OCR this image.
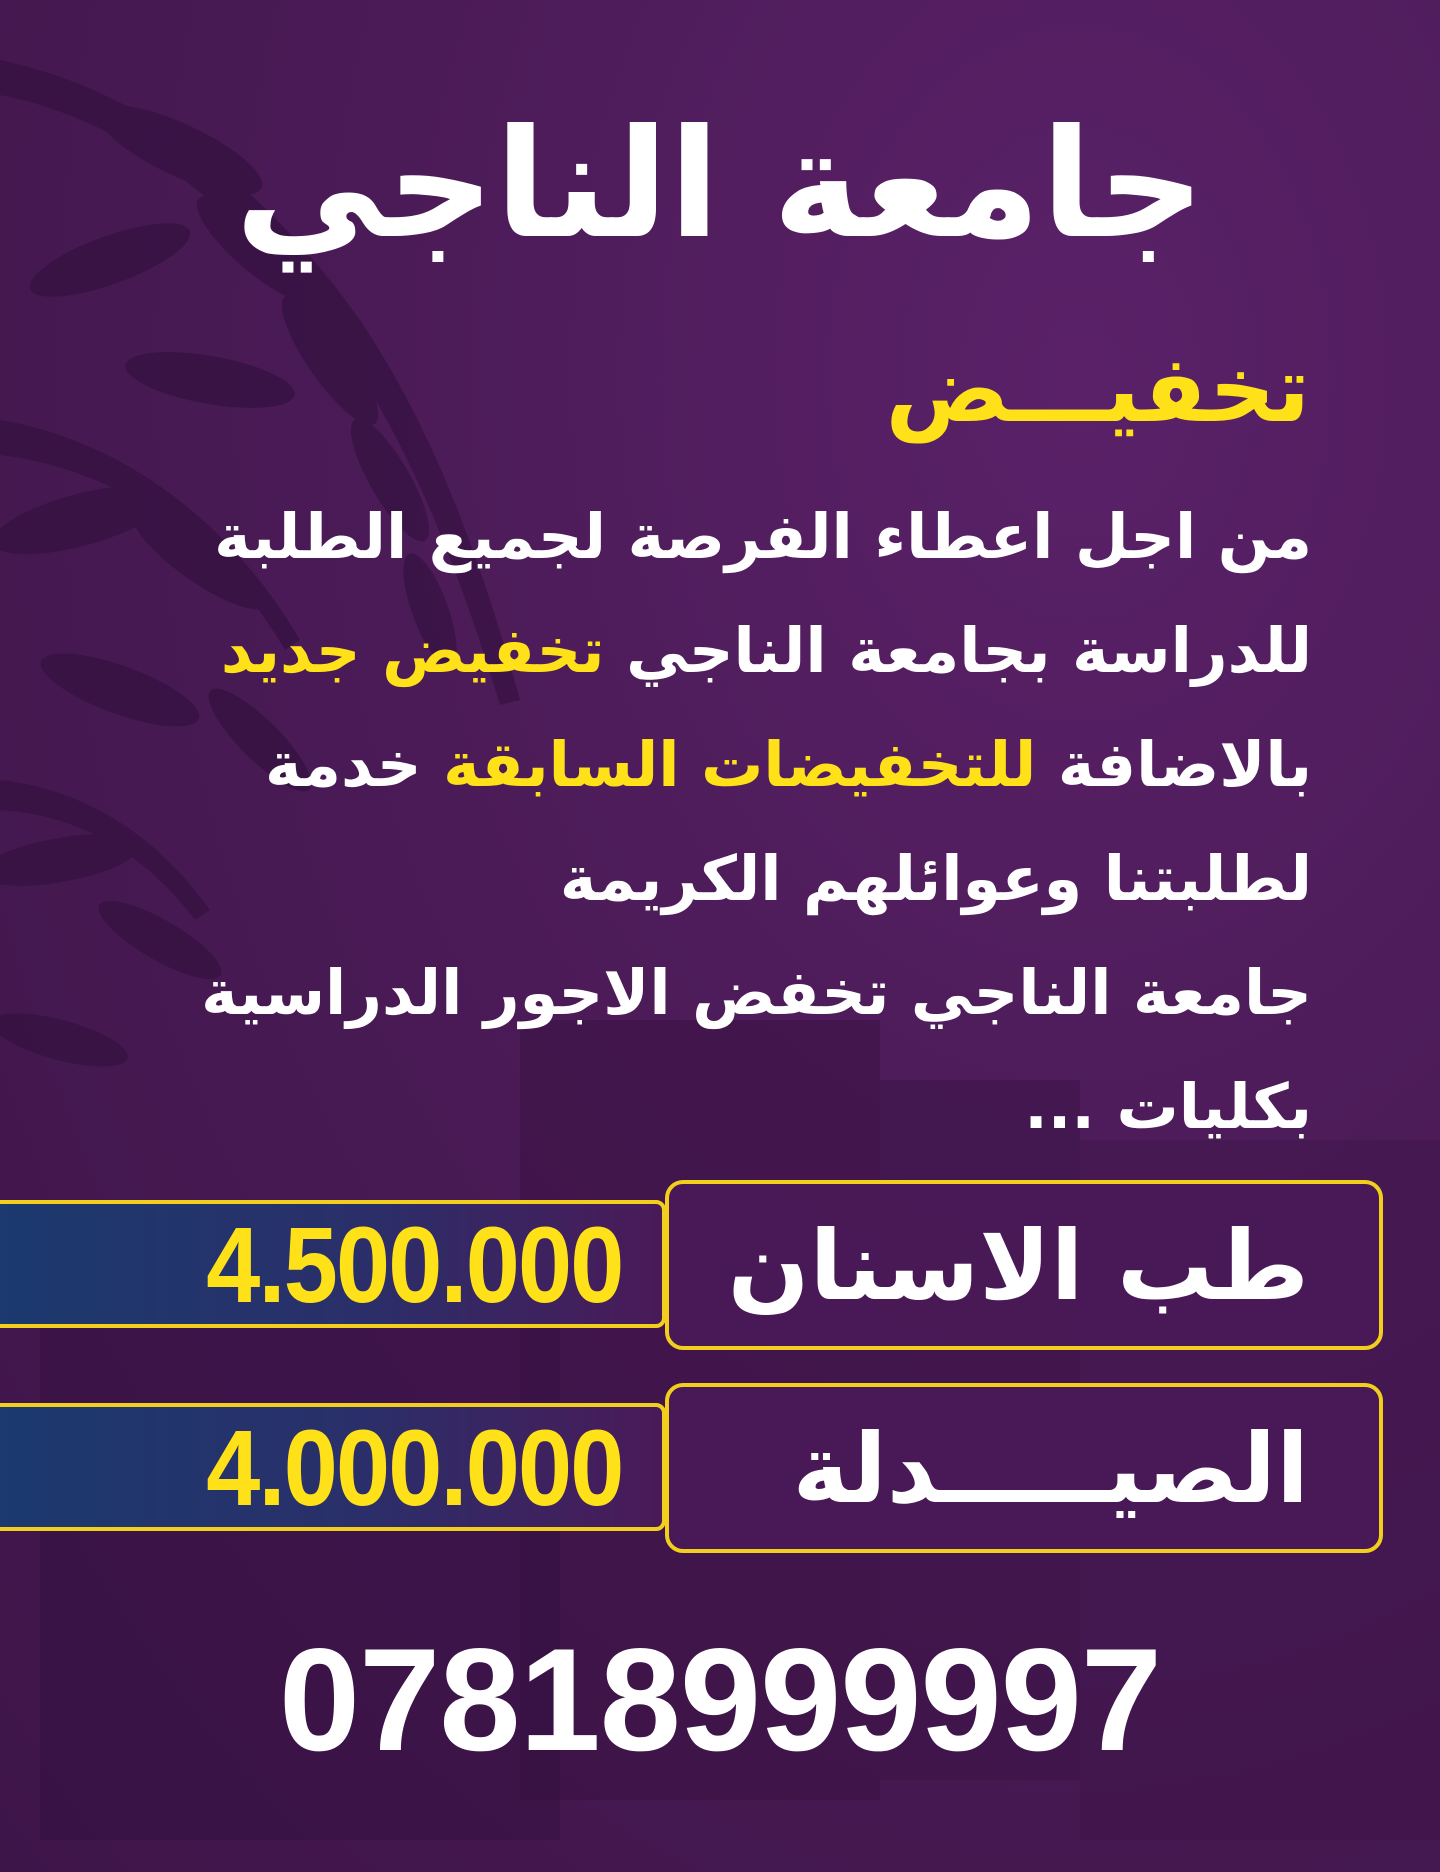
جامعة الناجي
تخفيـــض
من اجل اعطاء الفرصة لجميع الطلبة
للدراسة بجامعة الناجي تخفيض جديد
بالاضافة للتخفيضات السابقة خدمة
لطلبتنا وعوائلهم الكريمة
جامعة الناجي تخفض الاجور الدراسية
بكليات ...
4.500.000 طب الاسنان
4.000.000 الصيـــــدلة
07818999997
